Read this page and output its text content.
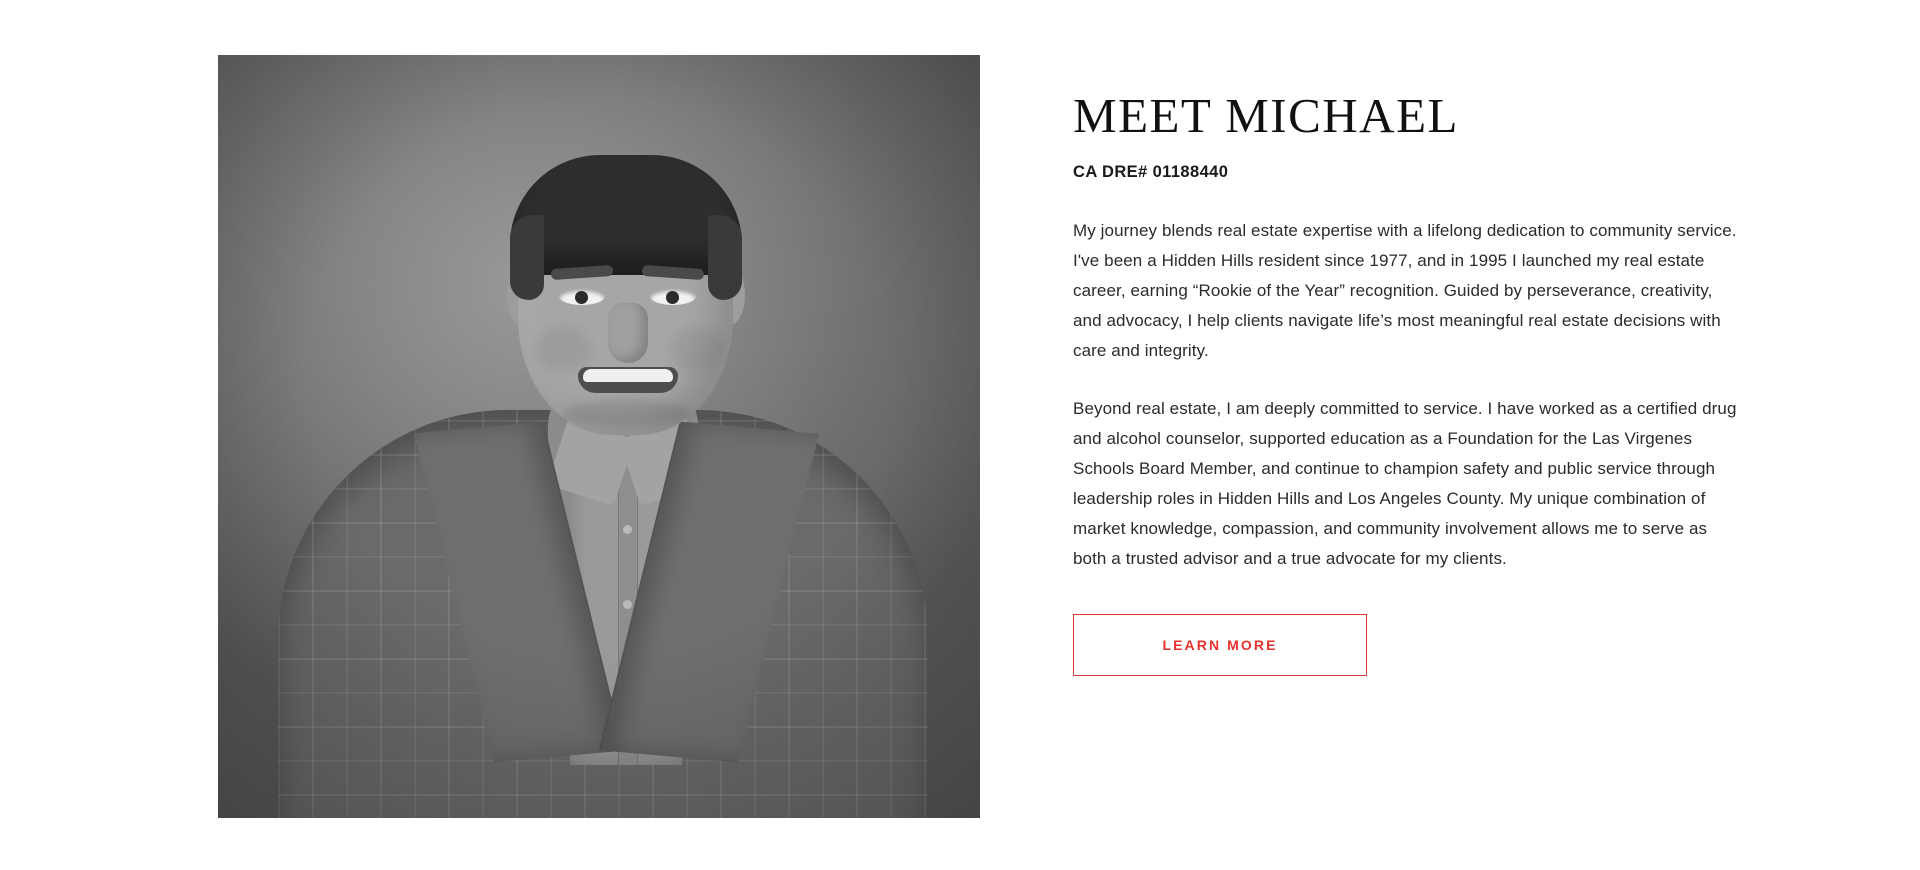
MEET MICHAEL
CA DRE# 01188440

My journey blends real estate expertise with a lifelong dedication to community service. I've been a Hidden Hills resident since 1977, and in 1995 I launched my real estate career, earning “Rookie of the Year” recognition. Guided by perseverance, creativity, and advocacy, I help clients navigate life’s most meaningful real estate decisions with care and integrity.

Beyond real estate, I am deeply committed to service. I have worked as a certified drug and alcohol counselor, supported education as a Foundation for the Las Virgenes Schools Board Member, and continue to champion safety and public service through leadership roles in Hidden Hills and Los Angeles County. My unique combination of market knowledge, compassion, and community involvement allows me to serve as both a trusted advisor and a true advocate for my clients.

LEARN MORE
